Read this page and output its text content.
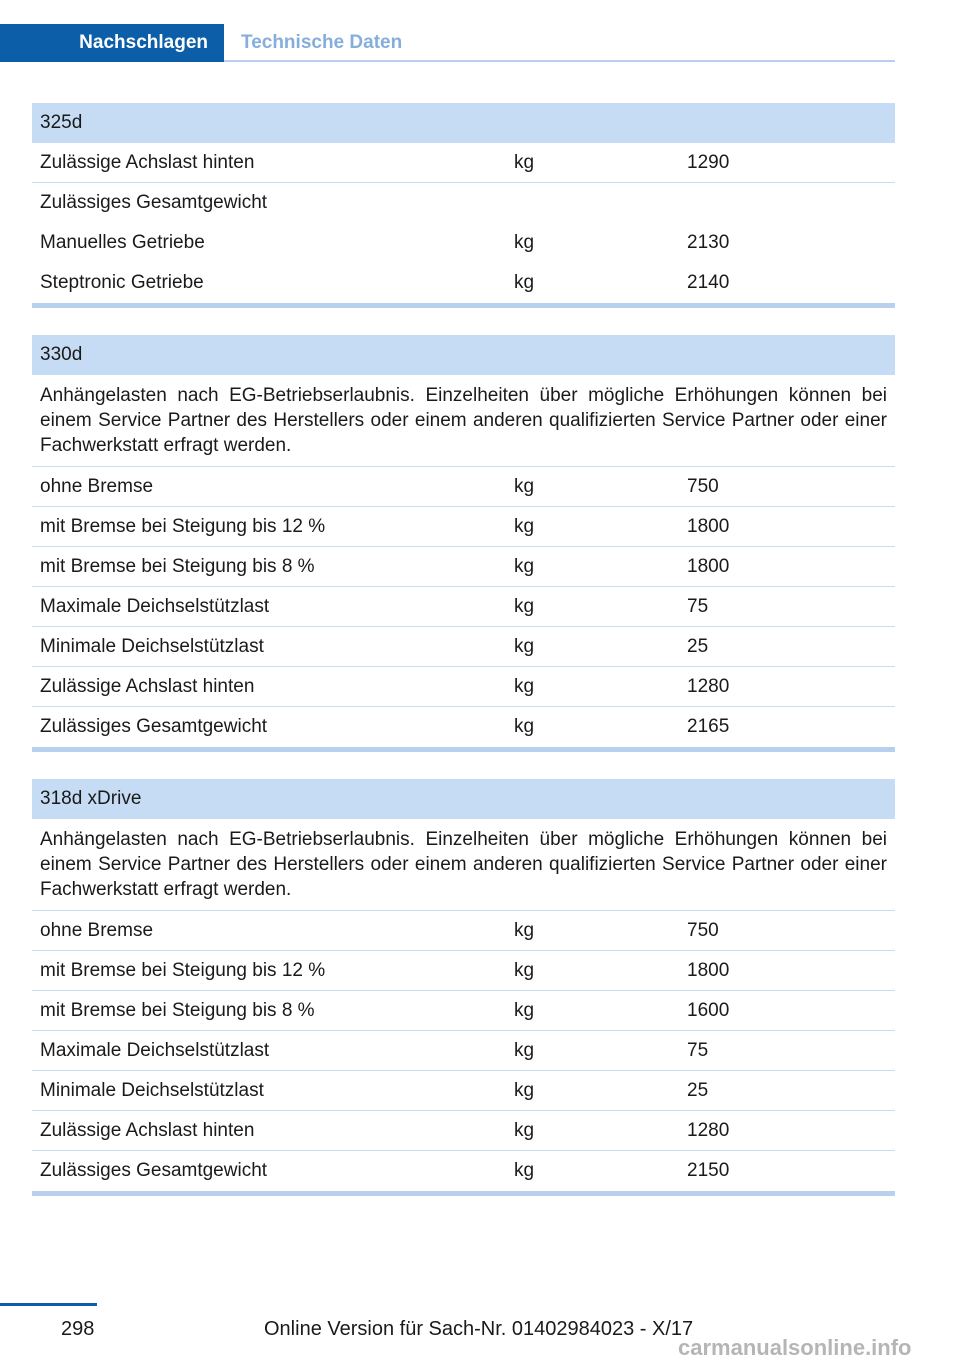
Nachschlagen	Technische Daten
325d
Zulässige Achslast hinten	kg	1290
Zulässiges Gesamtgewicht
Manuelles Getriebe	kg	2130
Steptronic Getriebe	kg	2140
330d
Anhängelasten nach EG-Betriebserlaubnis. Einzelheiten über mögliche Erhöhungen können bei einem Service Partner des Herstellers oder einem anderen qualifizierten Service Partner oder einer Fachwerkstatt erfragt werden.
ohne Bremse	kg	750
mit Bremse bei Steigung bis 12 %	kg	1800
mit Bremse bei Steigung bis 8 %	kg	1800
Maximale Deichselstützlast	kg	75
Minimale Deichselstützlast	kg	25
Zulässige Achslast hinten	kg	1280
Zulässiges Gesamtgewicht	kg	2165
318d xDrive
Anhängelasten nach EG-Betriebserlaubnis. Einzelheiten über mögliche Erhöhungen können bei einem Service Partner des Herstellers oder einem anderen qualifizierten Service Partner oder einer Fachwerkstatt erfragt werden.
ohne Bremse	kg	750
mit Bremse bei Steigung bis 12 %	kg	1800
mit Bremse bei Steigung bis 8 %	kg	1600
Maximale Deichselstützlast	kg	75
Minimale Deichselstützlast	kg	25
Zulässige Achslast hinten	kg	1280
Zulässiges Gesamtgewicht	kg	2150
298	Online Version für Sach-Nr. 01402984023 - X/17
carmanualsonline.info
